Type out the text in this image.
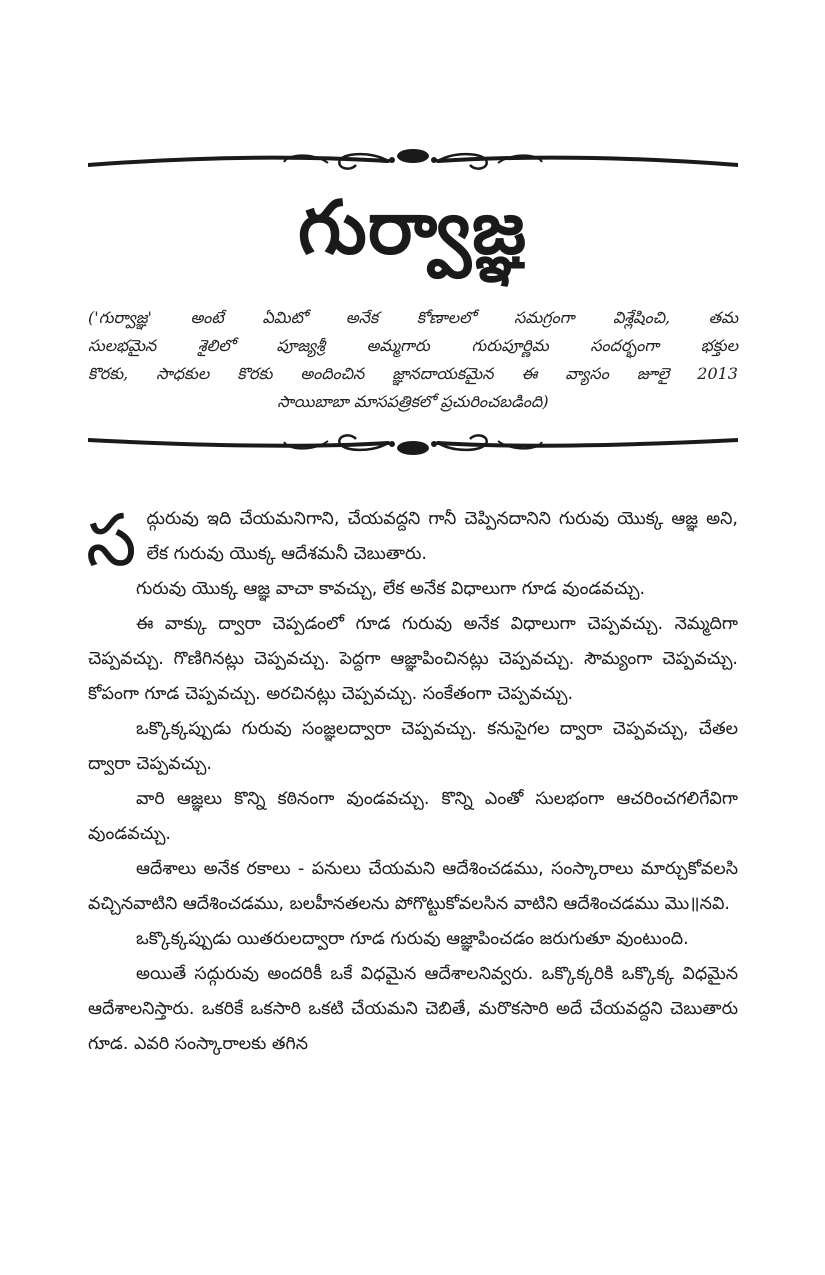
గుర్వాజ్ఞ

('గుర్వాజ్ఞ' అంటే ఏమిటో అనేక కోణాలలో సమగ్రంగా విశ్లేషించి, తమ

సులభమైన శైలిలో పూజ్యశ్రీ అమ్మగారు గురుపూర్ణిమ సందర్భంగా భక్తుల

కొరకు, సాధకుల కొరకు అందించిన జ్ఞానదాయకమైన ఈ వ్యాసం జూలై 2013

సాయిబాబా మాసపత్రికలో ప్రచురించబడింది)

సద్గురువు ఇది చేయమనిగాని, చేయవద్దని గానీ చెప్పినదానిని గురువు యొక్క ఆజ్ఞ అని, లేక గురువు యొక్క ఆదేశమనీ చెబుతారు.

గురువు యొక్క ఆజ్ఞ వాచా కావచ్చు, లేక అనేక విధాలుగా గూడ వుండవచ్చు.

ఈ వాక్కు ద్వారా చెప్పడంలో గూడ గురువు అనేక విధాలుగా చెప్పవచ్చు. నెమ్మదిగా చెప్పవచ్చు. గొణిగినట్లు చెప్పవచ్చు. పెద్దగా ఆజ్ఞాపించినట్లు చెప్పవచ్చు. సౌమ్యంగా చెప్పవచ్చు. కోపంగా గూడ చెప్పవచ్చు. అరచినట్లు చెప్పవచ్చు. సంకేతంగా చెప్పవచ్చు.

ఒక్కొక్కప్పుడు గురువు సంజ్ఞలద్వారా చెప్పవచ్చు. కనుసైగల ద్వారా చెప్పవచ్చు, చేతల ద్వారా చెప్పవచ్చు.

వారి ఆజ్ఞలు కొన్ని కఠినంగా వుండవచ్చు. కొన్ని ఎంతో సులభంగా ఆచరించగలిగేవిగా వుండవచ్చు.

ఆదేశాలు అనేక రకాలు - పనులు చేయమని ఆదేశించడము, సంస్కారాలు మార్చుకోవలసి వచ్చినవాటిని ఆదేశించడము, బలహీనతలను పోగొట్టుకోవలసిన వాటిని ఆదేశించడము మొ॥నవి.

ఒక్కొక్కప్పుడు యితరులద్వారా గూడ గురువు ఆజ్ఞాపించడం జరుగుతూ వుంటుంది.

అయితే సద్గురువు అందరికీ ఒకే విధమైన ఆదేశాలనివ్వరు. ఒక్కొక్కరికి ఒక్కొక్క విధమైన ఆదేశాలనిస్తారు. ఒకరికే ఒకసారి ఒకటి చేయమని చెబితే, మరొకసారి అదే చేయవద్దని చెబుతారు గూడ. ఎవరి సంస్కారాలకు తగిన
